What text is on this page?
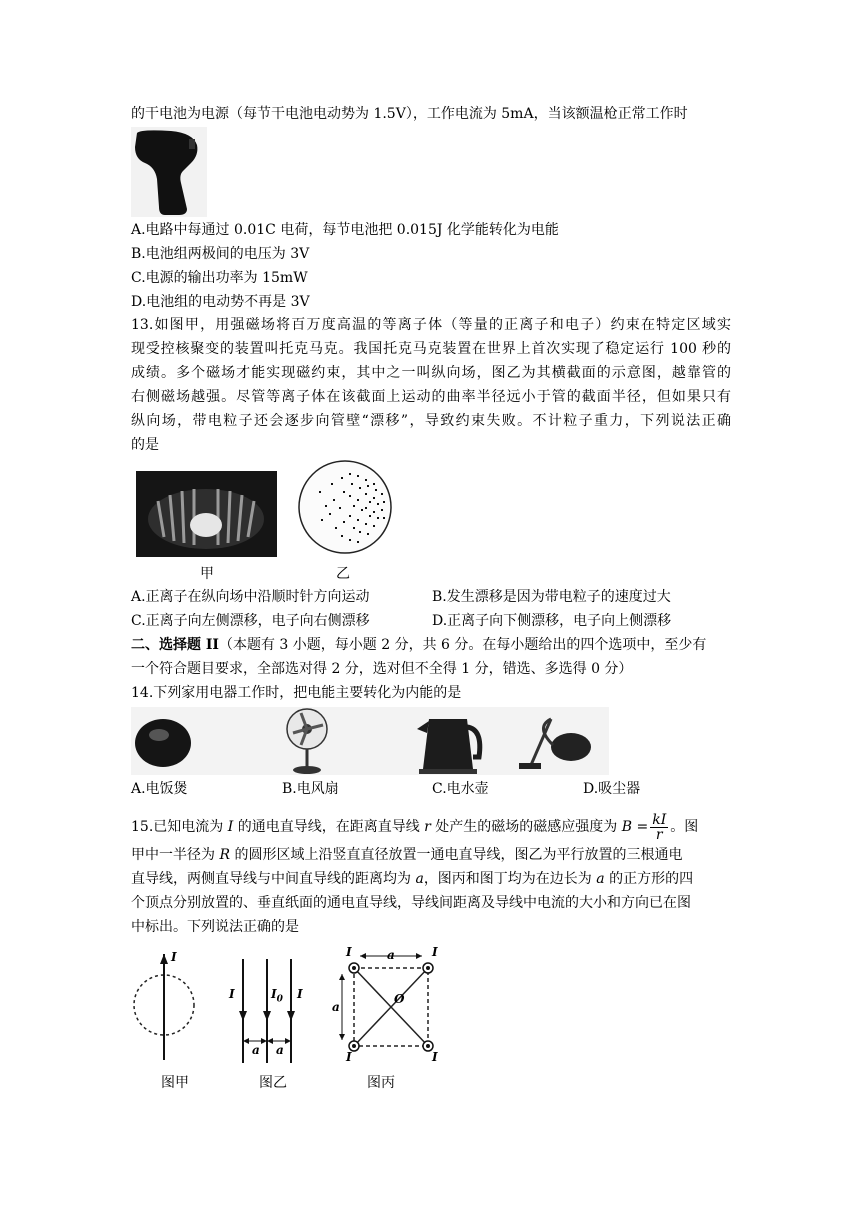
的干电池为电源（每节干电池电动势为 1.5V），工作电流为 5mA，当该额温枪正常工作时
A.电路中每通过 0.01C 电荷，每节电池把 0.015J 化学能转化为电能
B.电池组两极间的电压为 3V
C.电源的输出功率为 15mW
D.电池组的电动势不再是 3V
13.如图甲，用强磁场将百万度高温的等离子体（等量的正离子和电子）约束在特定区域实
现受控核聚变的装置叫托克马克。我国托克马克装置在世界上首次实现了稳定运行 100 秒的
成绩。多个磁场才能实现磁约束，其中之一叫纵向场，图乙为其横截面的示意图，越靠管的
右侧磁场越强。尽管等离子体在该截面上运动的曲率半径远小于管的截面半径，但如果只有
纵向场，带电粒子还会逐步向管壁“漂移”，导致约束失败。不计粒子重力，下列说法正确
的是
甲	乙
A.正离子在纵向场中沿顺时针方向运动	B.发生漂移是因为带电粒子的速度过大
C.正离子向左侧漂移，电子向右侧漂移	D.正离子向下侧漂移，电子向上侧漂移
二、选择题 II（本题有 3 小题，每小题 2 分，共 6 分。在每小题给出的四个选项中，至少有
一个符合题目要求，全部选对得 2 分，选对但不全得 1 分，错选、多选得 0 分）
14.下列家用电器工作时，把电能主要转化为内能的是
A.电饭煲	B.电风扇	C.电水壶	D.吸尘器
15.已知电流为 I 的通电直导线，在距离直导线 r 处产生的磁场的磁感应强度为 $B = \frac{kI}{r}$ 。图
甲中一半径为 R 的圆形区域上沿竖直直径放置一通电直导线，图乙为平行放置的三根通电
直导线，两侧直导线与中间直导线的距离均为 a，图丙和图丁均为在边长为 a 的正方形的四
个顶点分别放置的、垂直纸面的通电直导线，导线间距离及导线中电流的大小和方向已在图
中标出。下列说法正确的是
I
I	$I_0$ I
a a
I	I
I	I
a
a
O
图甲	图乙	图丙
